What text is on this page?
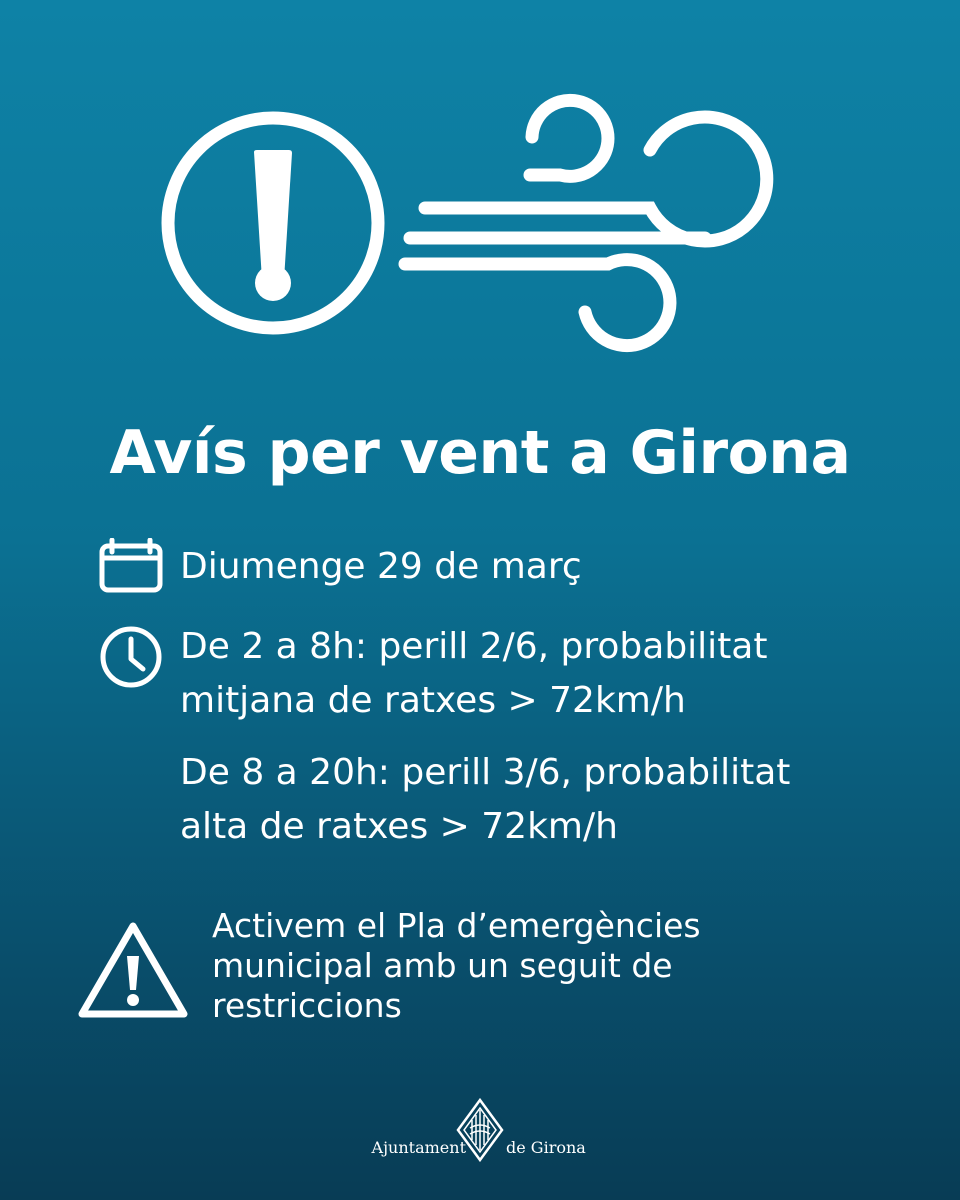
Avís per vent a Girona
Diumenge 29 de març
De 2 a 8h: perill 2/6, probabilitat
mitjana de ratxes > 72km/h
De 8 a 20h: perill 3/6, probabilitat
alta de ratxes > 72km/h
Activem el Pla d’emergències
municipal amb un seguit de
restriccions
Ajuntament	de Girona
